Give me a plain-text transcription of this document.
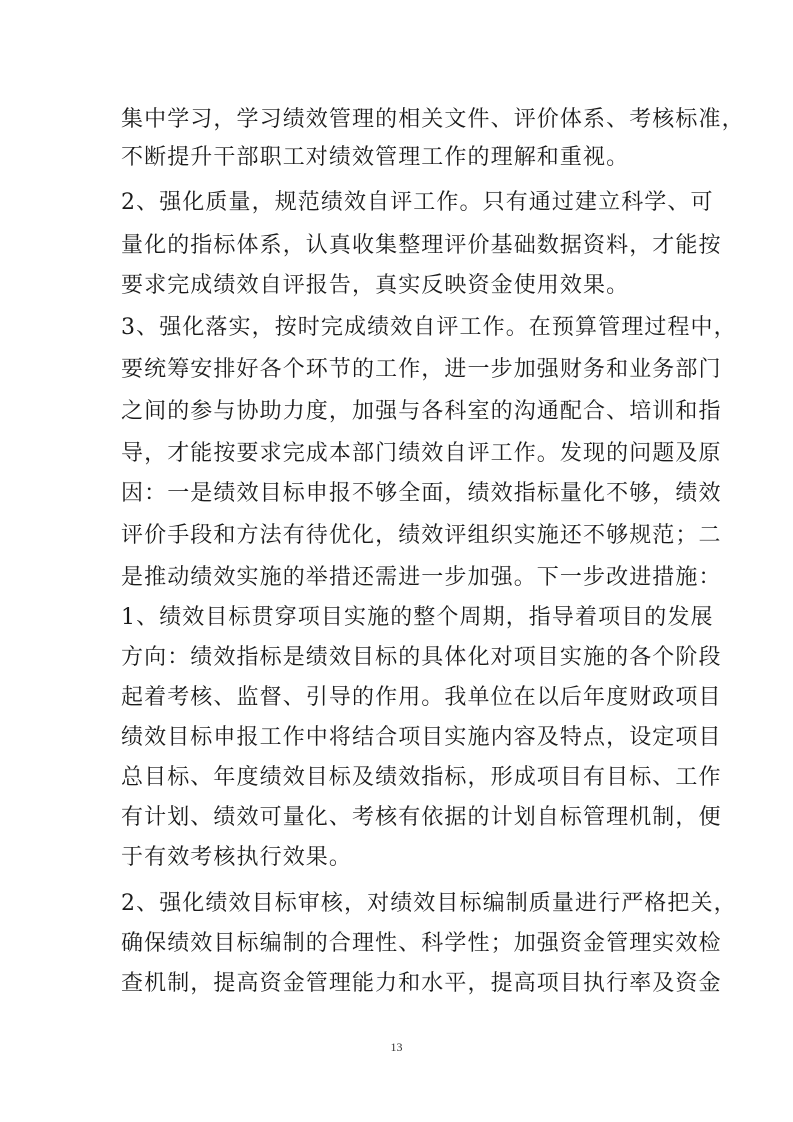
集中学习，学习绩效管理的相关文件、评价体系、考核标准，
不断提升干部职工对绩效管理工作的理解和重视。
2、强化质量，规范绩效自评工作。只有通过建立科学、可
量化的指标体系，认真收集整理评价基础数据资料，才能按
要求完成绩效自评报告，真实反映资金使用效果。
3、强化落实，按时完成绩效自评工作。在预算管理过程中，
要统筹安排好各个环节的工作，进一步加强财务和业务部门
之间的参与协助力度，加强与各科室的沟通配合、培训和指
导，才能按要求完成本部门绩效自评工作。发现的问题及原
因：一是绩效目标申报不够全面，绩效指标量化不够，绩效
评价手段和方法有待优化，绩效评组织实施还不够规范；二
是推动绩效实施的举措还需进一步加强。下一步改进措施：
1、绩效目标贯穿项目实施的整个周期，指导着项目的发展
方向：绩效指标是绩效目标的具体化对项目实施的各个阶段
起着考核、监督、引导的作用。我单位在以后年度财政项目
绩效目标申报工作中将结合项目实施内容及特点，设定项目
总目标、年度绩效目标及绩效指标，形成项目有目标、工作
有计划、绩效可量化、考核有依据的计划自标管理机制，便
于有效考核执行效果。
2、强化绩效目标审核，对绩效目标编制质量进行严格把关，
确保绩效目标编制的合理性、科学性；加强资金管理实效检
查机制，提高资金管理能力和水平，提高项目执行率及资金
13
